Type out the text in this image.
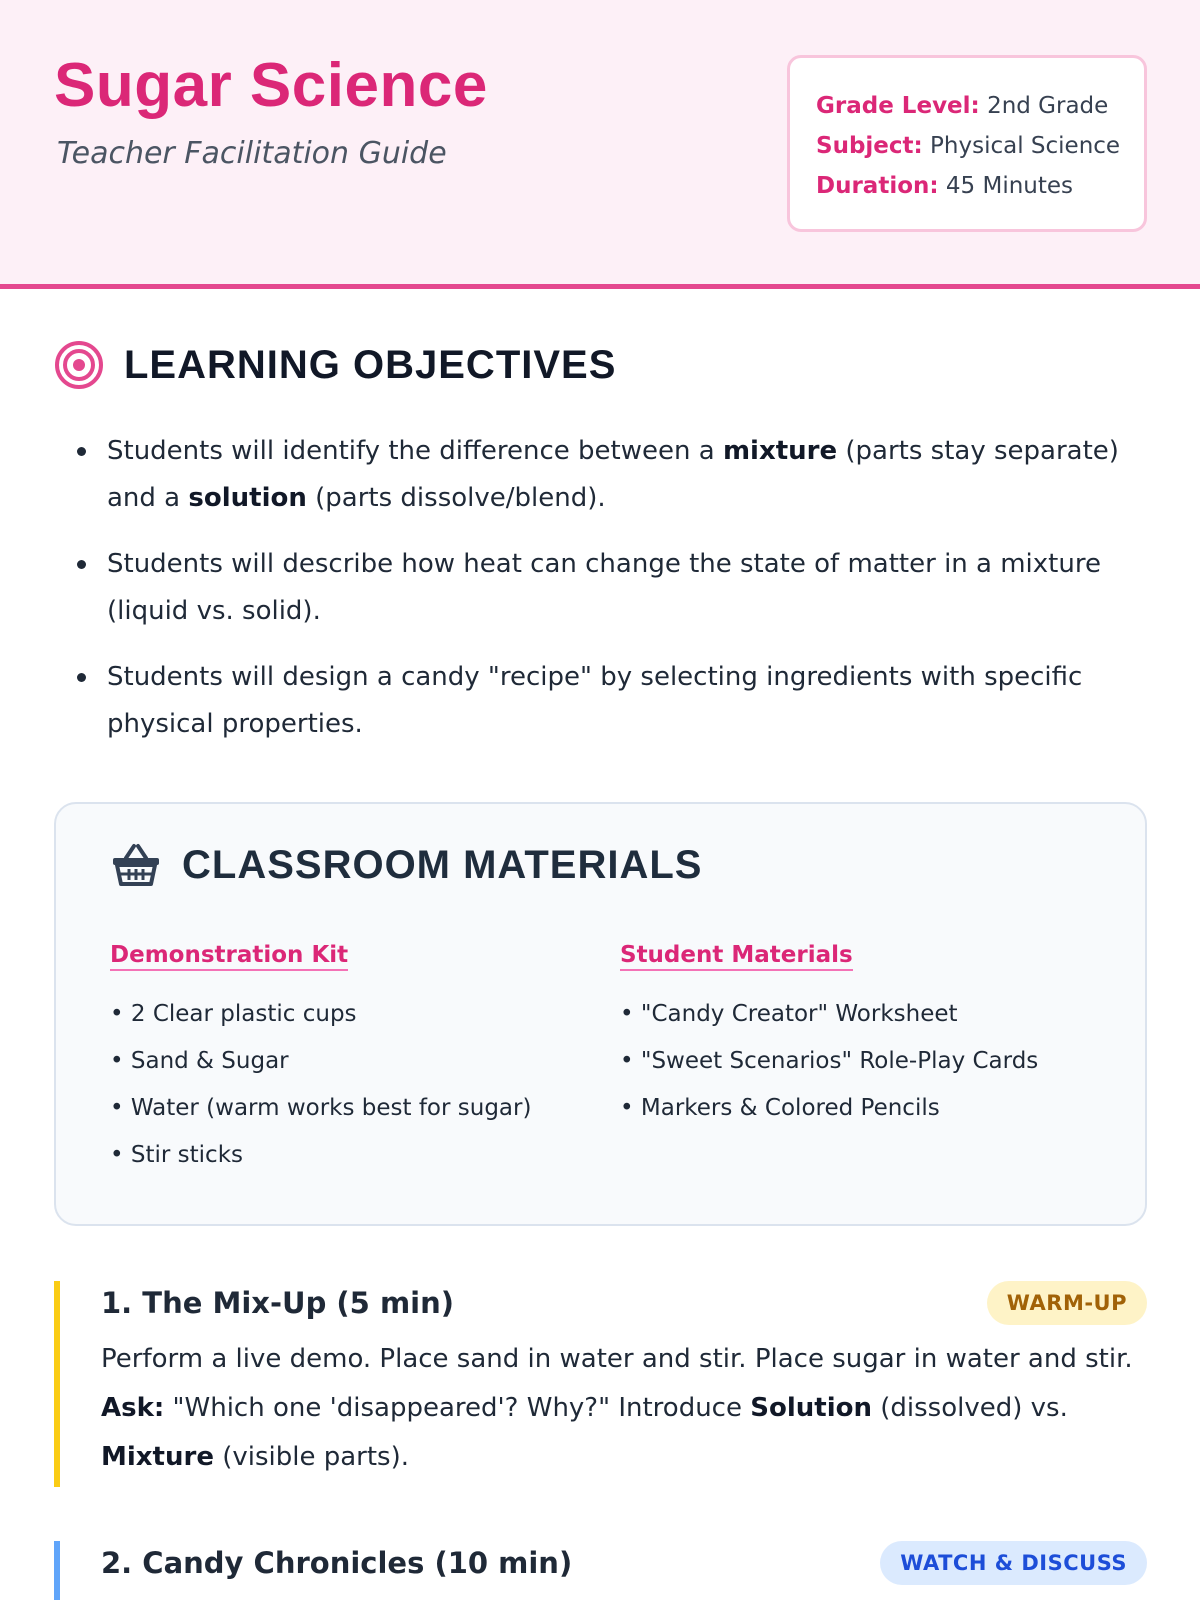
Sugar Science
Teacher Facilitation Guide
Grade Level: 2nd Grade
Subject: Physical Science
Duration: 45 Minutes
LEARNING OBJECTIVES
Students will identify the difference between a mixture (parts stay separate) and a solution (parts dissolve/blend).
Students will describe how heat can change the state of matter in a mixture (liquid vs. solid).
Students will design a candy "recipe" by selecting ingredients with specific physical properties.
CLASSROOM MATERIALS
Demonstration Kit
• 2 Clear plastic cups
• Sand & Sugar
• Water (warm works best for sugar)
• Stir sticks
Student Materials
• "Candy Creator" Worksheet
• "Sweet Scenarios" Role-Play Cards
• Markers & Colored Pencils
1. The Mix-Up (5 min)	WARM-UP
Perform a live demo. Place sand in water and stir. Place sugar in water and stir. Ask: "Which one 'disappeared'? Why?" Introduce Solution (dissolved) vs. Mixture (visible parts).
2. Candy Chronicles (10 min)	WATCH & DISCUSS
